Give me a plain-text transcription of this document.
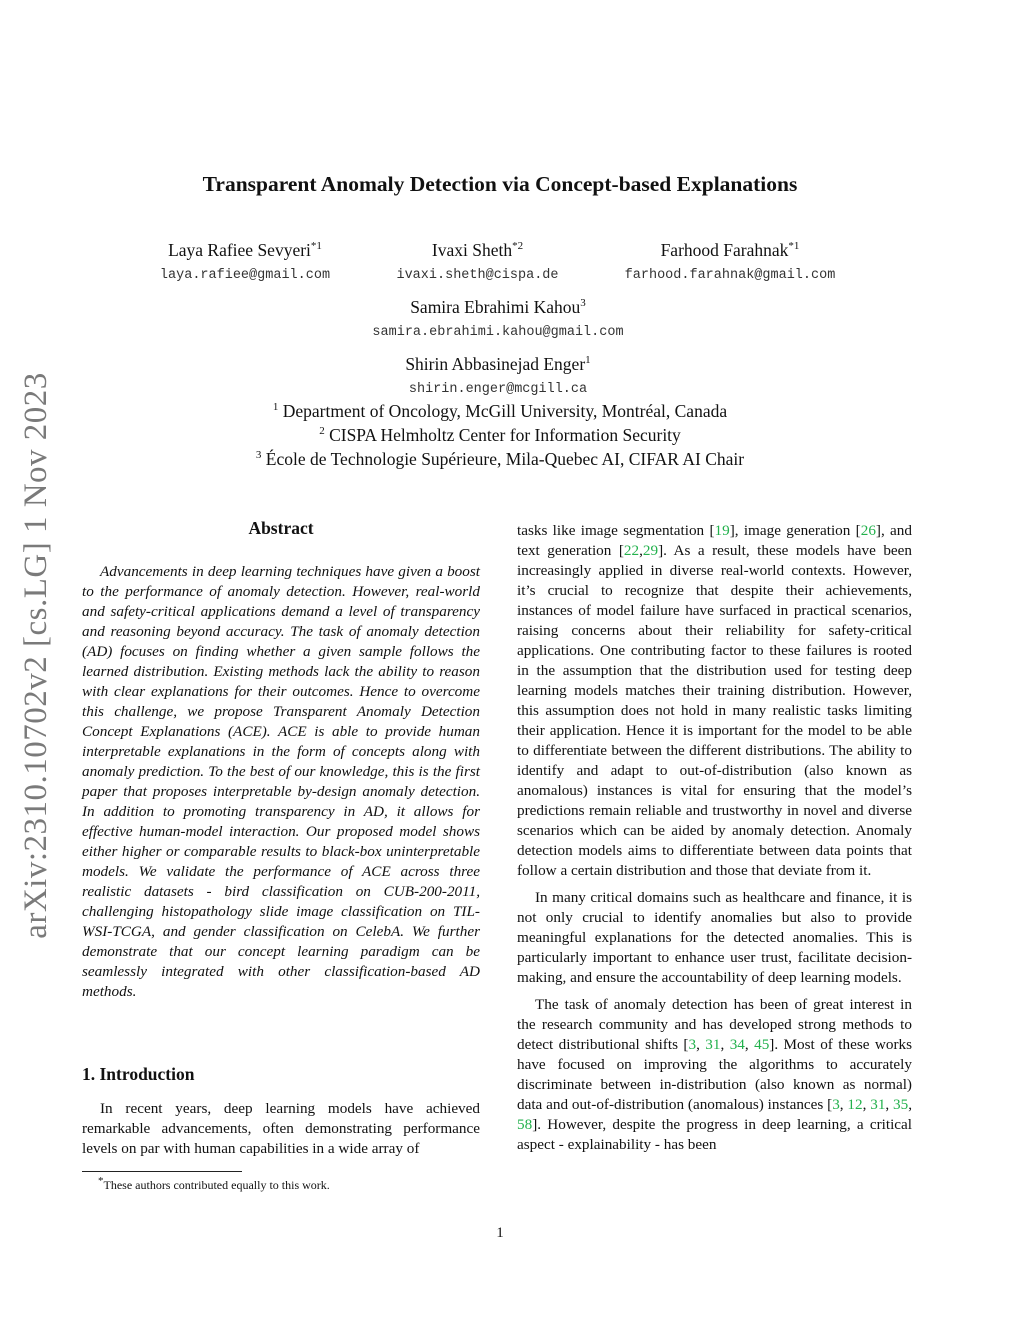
arXiv:2310.10702v2 [cs.LG] 1 Nov 2023
Transparent Anomaly Detection via Concept-based Explanations
Laya Rafiee Sevyeri$^{*1}$
laya.rafiee@gmail.com
Ivaxi Sheth$^{*2}$
ivaxi.sheth@cispa.de
Farhood Farahnak$^{*1}$
farhood.farahnak@gmail.com
Samira Ebrahimi Kahou$^3$
samira.ebrahimi.kahou@gmail.com
Shirin Abbasinejad Enger$^1$
shirin.enger@mcgill.ca
$^1$ Department of Oncology, McGill University, Montréal, Canada
$^2$ CISPA Helmholtz Center for Information Security
$^3$ École de Technologie Supérieure, Mila-Quebec AI, CIFAR AI Chair
Abstract

Advancements in deep learning techniques have given a boost to the performance of anomaly detection. However, real-world and safety-critical applications demand a level of transparency and reasoning beyond accuracy. The task of anomaly detection (AD) focuses on finding whether a given sample follows the learned distribution. Existing methods lack the ability to reason with clear explanations for their outcomes. Hence to overcome this challenge, we propose Transparent Anomaly Detection Concept Explanations (ACE). ACE is able to provide human interpretable explanations in the form of concepts along with anomaly prediction. To the best of our knowledge, this is the first paper that proposes interpretable by-design anomaly detection. In addition to promoting transparency in AD, it allows for effective human-model interaction. Our proposed model shows either higher or comparable results to black-box uninterpretable models. We validate the performance of ACE across three realistic datasets - bird classification on CUB-200-2011, challenging histopathology slide image classification on TIL-WSI-TCGA, and gender classification on CelebA. We further demonstrate that our concept learning paradigm can be seamlessly integrated with other classification-based AD methods.

1. Introduction

In recent years, deep learning models have achieved remarkable advancements, often demonstrating performance levels on par with human capabilities in a wide array of

tasks like image segmentation [19], image generation [26], and text generation [22,29]. As a result, these models have been increasingly applied in diverse real-world contexts. However, it’s crucial to recognize that despite their achievements, instances of model failure have surfaced in practical scenarios, raising concerns about their reliability for safety-critical applications. One contributing factor to these failures is rooted in the assumption that the distribution used for testing deep learning models matches their training distribution. However, this assumption does not hold in many realistic tasks limiting their application. Hence it is important for the model to be able to differentiate between the different distributions. The ability to identify and adapt to out-of-distribution (also known as anomalous) instances is vital for ensuring that the model’s predictions remain reliable and trustworthy in novel and diverse scenarios which can be aided by anomaly detection. Anomaly detection models aims to differentiate between data points that follow a certain distribution and those that deviate from it.

In many critical domains such as healthcare and finance, it is not only crucial to identify anomalies but also to provide meaningful explanations for the detected anomalies. This is particularly important to enhance user trust, facilitate decision-making, and ensure the accountability of deep learning models.

The task of anomaly detection has been of great interest in the research community and has developed strong methods to detect distributional shifts [3, 31, 34, 45]. Most of these works have focused on improving the algorithms to accurately discriminate between in-distribution (also known as normal) data and out-of-distribution (anomalous) instances [3, 12, 31, 35, 58]. However, despite the progress in deep learning, a critical aspect - explainability - has been

*These authors contributed equally to this work.
1
